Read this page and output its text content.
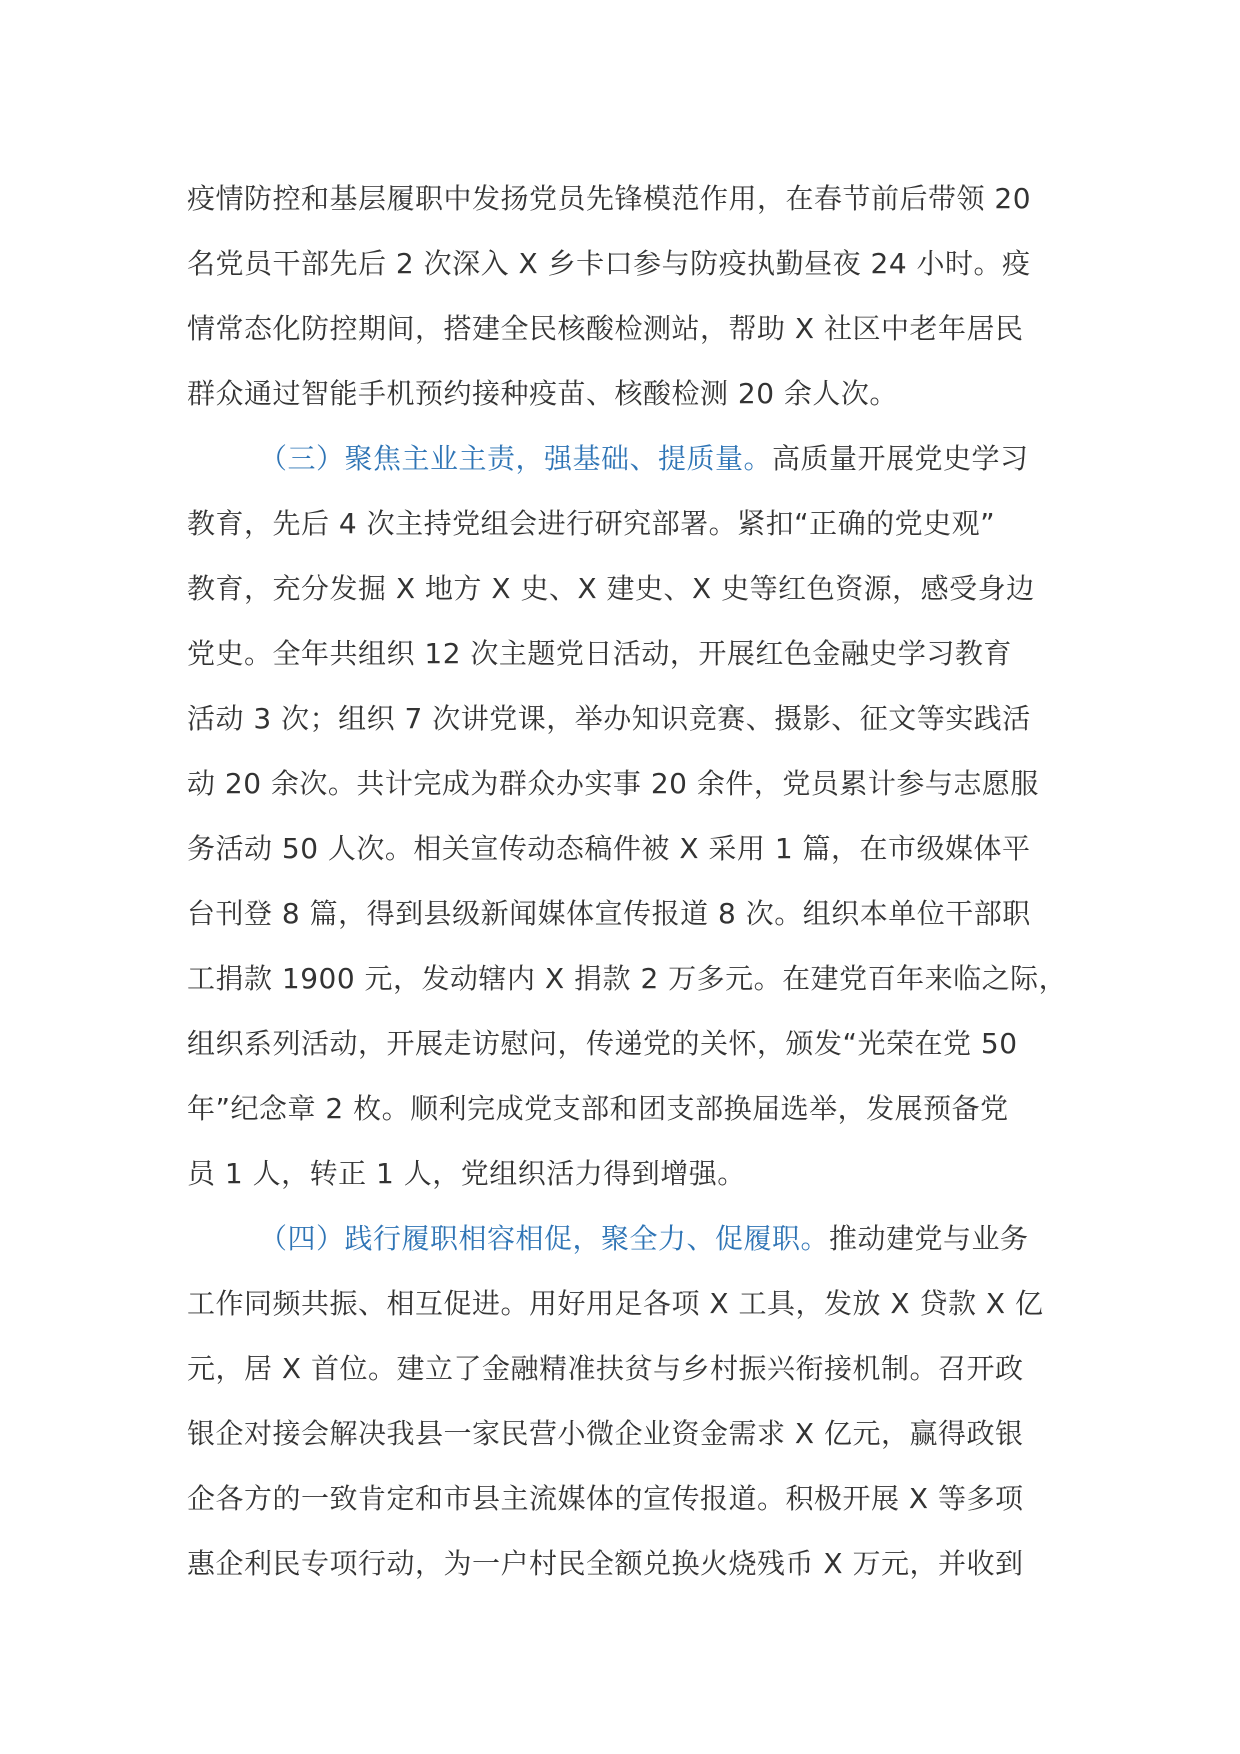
疫情防控和基层履职中发扬党员先锋模范作用，在春节前后带领 20
名党员干部先后 2 次深入 X 乡卡口参与防疫执勤昼夜 24 小时。疫
情常态化防控期间，搭建全民核酸检测站，帮助 X 社区中老年居民
群众通过智能手机预约接种疫苗、核酸检测 20 余人次。
（三）聚焦主业主责，强基础、提质量。高质量开展党史学习
教育，先后 4 次主持党组会进行研究部署。紧扣“正确的党史观”
教育，充分发掘 X 地方 X 史、X 建史、X 史等红色资源，感受身边
党史。全年共组织 12 次主题党日活动，开展红色金融史学习教育
活动 3 次；组织 7 次讲党课，举办知识竞赛、摄影、征文等实践活
动 20 余次。共计完成为群众办实事 20 余件，党员累计参与志愿服
务活动 50 人次。相关宣传动态稿件被 X 采用 1 篇，在市级媒体平
台刊登 8 篇，得到县级新闻媒体宣传报道 8 次。组织本单位干部职
工捐款 1900 元，发动辖内 X 捐款 2 万多元。在建党百年来临之际，
组织系列活动，开展走访慰问，传递党的关怀，颁发“光荣在党 50
年”纪念章 2 枚。顺利完成党支部和团支部换届选举，发展预备党
员 1 人，转正 1 人，党组织活力得到增强。
（四）践行履职相容相促，聚全力、促履职。推动建党与业务
工作同频共振、相互促进。用好用足各项 X 工具，发放 X 贷款 X 亿
元，居 X 首位。建立了金融精准扶贫与乡村振兴衔接机制。召开政
银企对接会解决我县一家民营小微企业资金需求 X 亿元，赢得政银
企各方的一致肯定和市县主流媒体的宣传报道。积极开展 X 等多项
惠企利民专项行动，为一户村民全额兑换火烧残币 X 万元，并收到
